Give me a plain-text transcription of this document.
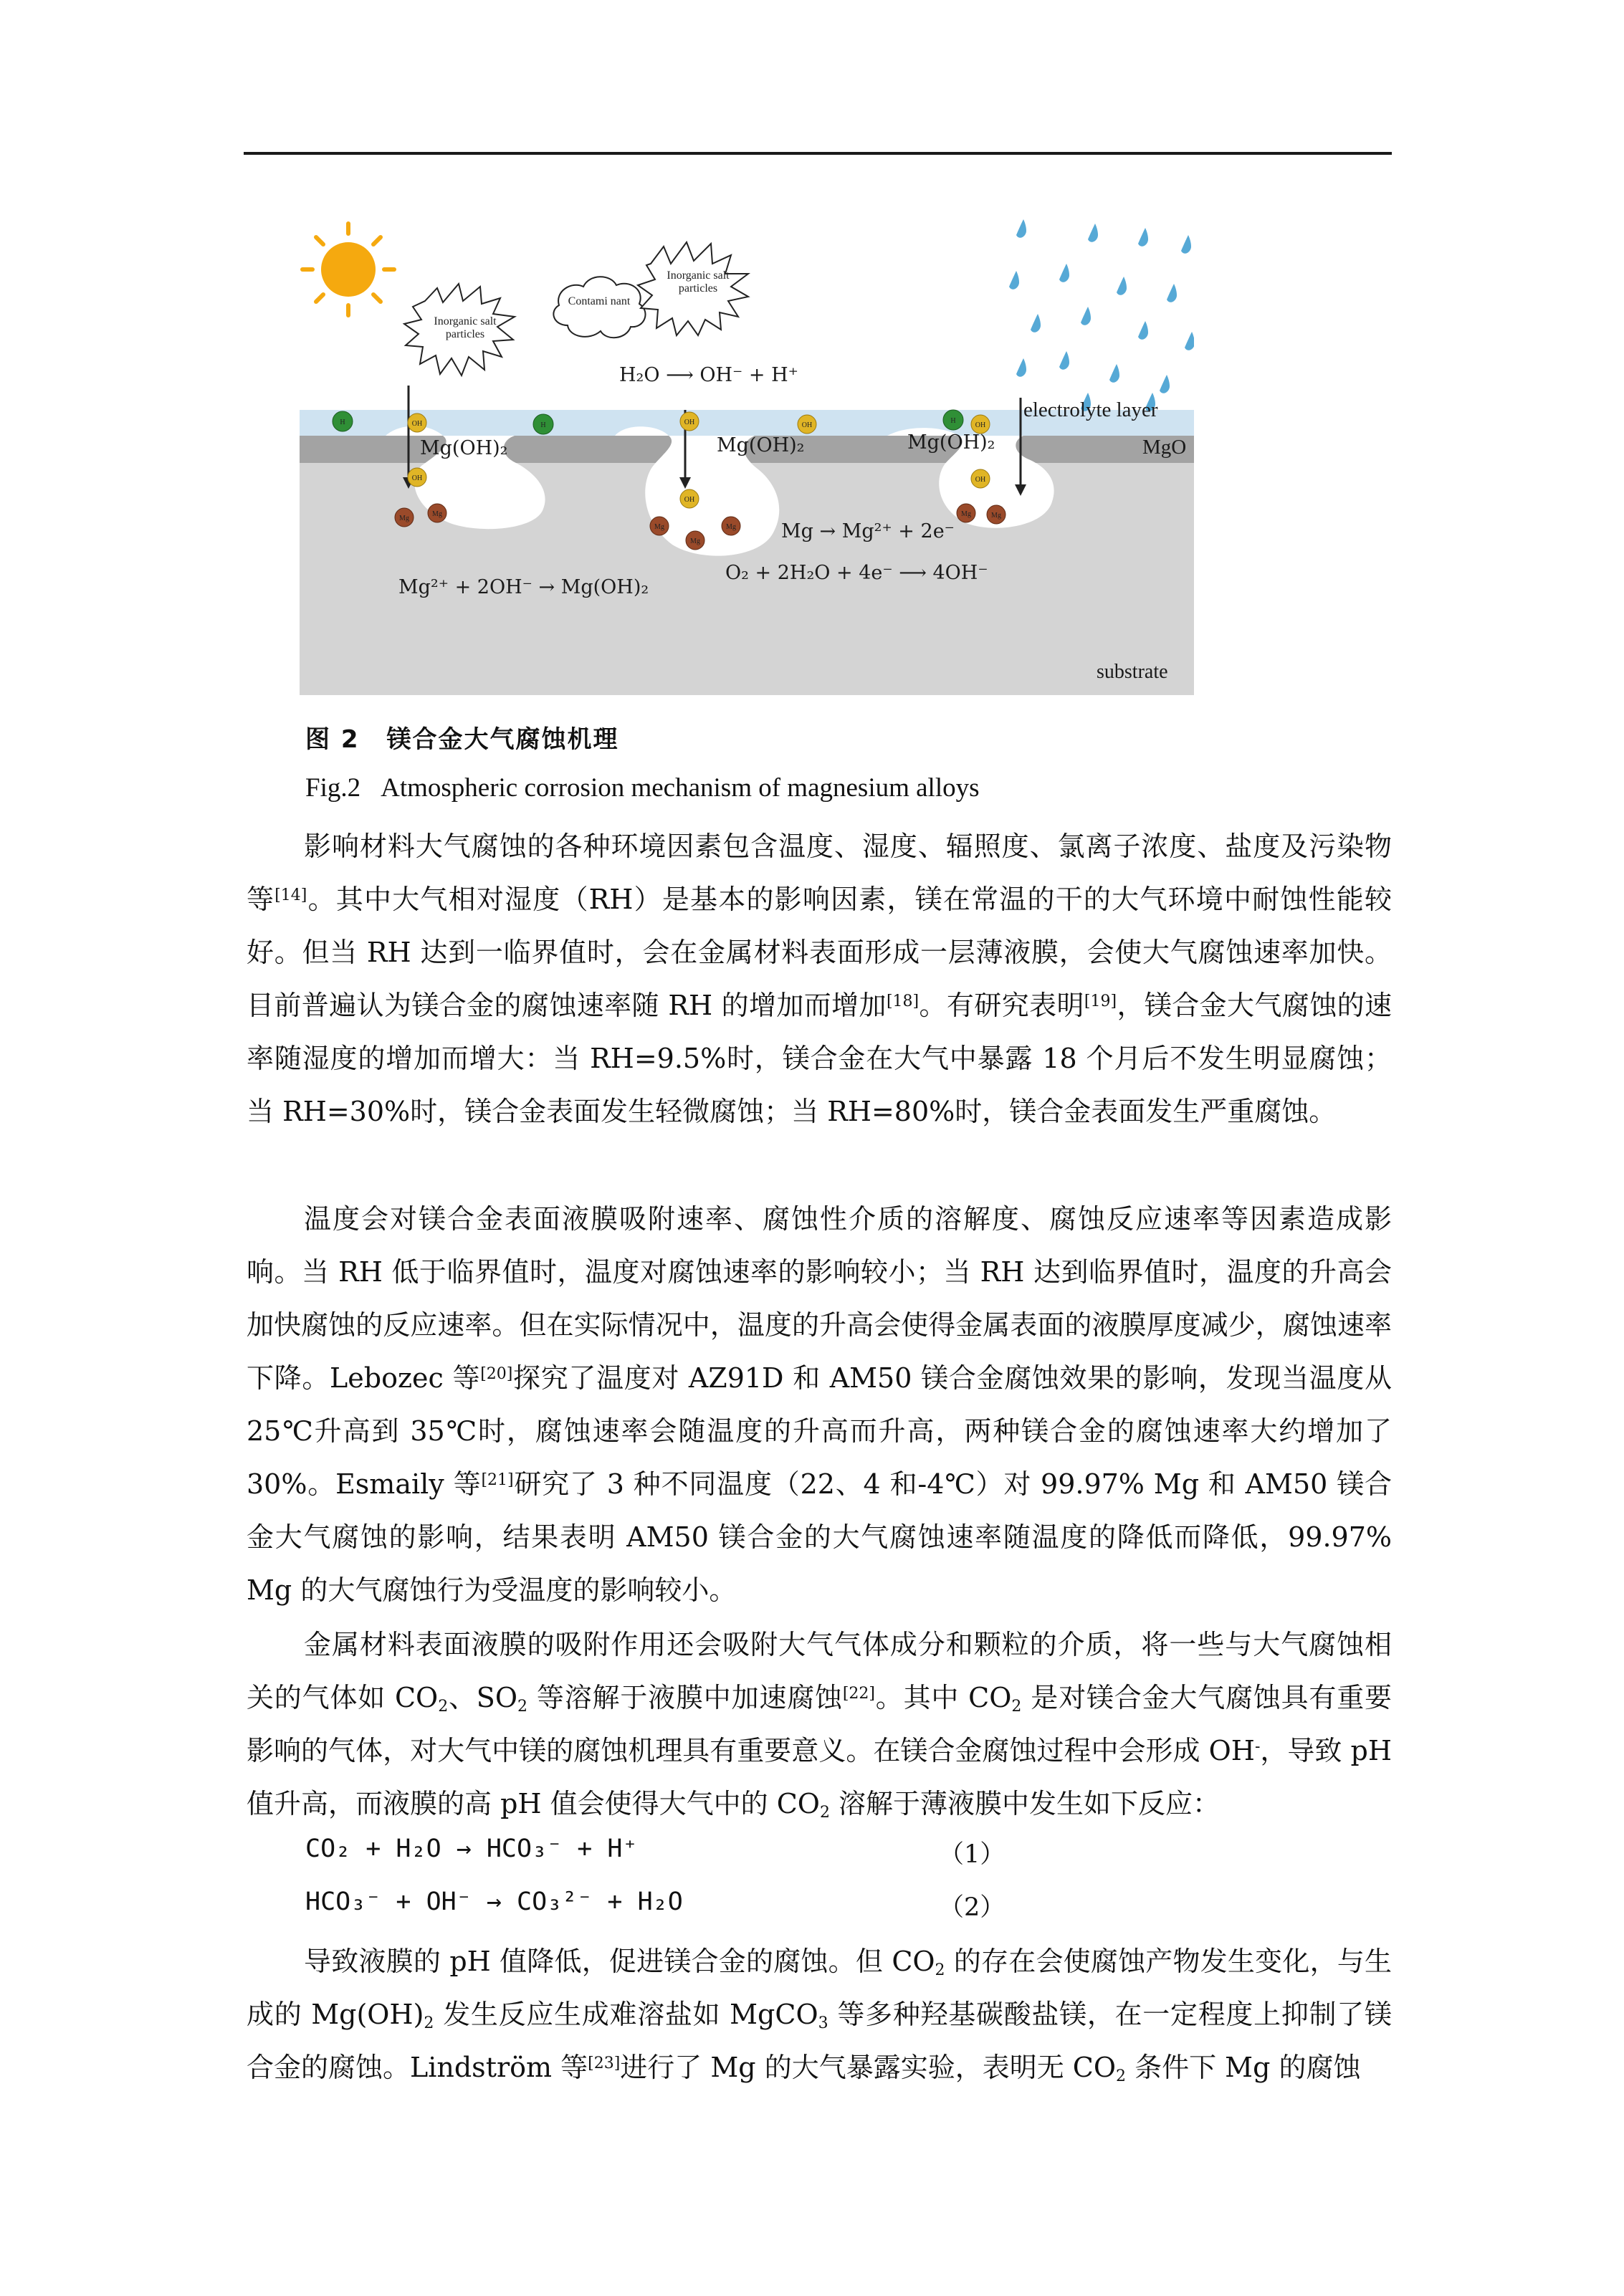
H	H
H
OH
OH
OH
OH
OH	OH
OH
Mg
Mg
Mg
Mg
Mg
Mg	Mg
Inorganic salt particles
Contami nant
Inorganic salt particles
H₂O ⟶ OH⁻ + H⁺
electrolyte layer
MgO
Mg(OH)₂	Mg(OH)₂	Mg(OH)₂
Mg → Mg²⁺ + 2e⁻
O₂ + 2H₂O + 4e⁻ ⟶ 4OH⁻
Mg²⁺ + 2OH⁻ → Mg(OH)₂
substrate
图 2 镁合金大气腐蚀机理
Fig.2 Atmospheric corrosion mechanism of magnesium alloys

影响材料大气腐蚀的各种环境因素包含温度、湿度、辐照度、氯离子浓度、盐度及污染物等[14]。其中大气相对湿度（RH）是基本的影响因素，镁在常温的干的大气环境中耐蚀性能较好。但当 RH 达到一临界值时，会在金属材料表面形成一层薄液膜，会使大气腐蚀速率加快。目前普遍认为镁合金的腐蚀速率随 RH 的增加而增加[18]。有研究表明[19]，镁合金大气腐蚀的速率随湿度的增加而增大：当 RH=9.5%时，镁合金在大气中暴露 18 个月后不发生明显腐蚀；当 RH=30%时，镁合金表面发生轻微腐蚀；当 RH=80%时，镁合金表面发生严重腐蚀。

温度会对镁合金表面液膜吸附速率、腐蚀性介质的溶解度、腐蚀反应速率等因素造成影响。当 RH 低于临界值时，温度对腐蚀速率的影响较小；当 RH 达到临界值时，温度的升高会加快腐蚀的反应速率。但在实际情况中，温度的升高会使得金属表面的液膜厚度减少，腐蚀速率下降。Lebozec 等[20]探究了温度对 AZ91D 和 AM50 镁合金腐蚀效果的影响，发现当温度从 25℃升高到 35℃时，腐蚀速率会随温度的升高而升高，两种镁合金的腐蚀速率大约增加了 30%。Esmaily 等[21]研究了 3 种不同温度（22、4 和-4℃）对 99.97% Mg 和 AM50 镁合金大气腐蚀的影响，结果表明 AM50 镁合金的大气腐蚀速率随温度的降低而降低，99.97% Mg 的大气腐蚀行为受温度的影响较小。

金属材料表面液膜的吸附作用还会吸附大气气体成分和颗粒的介质，将一些与大气腐蚀相关的气体如 $CO_2$、$SO_2$ 等溶解于液膜中加速腐蚀[22]。其中 $CO_2$ 是对镁合金大气腐蚀具有重要影响的气体，对大气中镁的腐蚀机理具有重要意义。在镁合金腐蚀过程中会形成 OH-，导致 pH 值升高，而液膜的高 pH 值会使得大气中的 $CO_2$ 溶解于薄液膜中发生如下反应：

CO₂ + H₂O → HCO₃⁻ + H⁺	（1）
HCO₃⁻ + OH⁻ → CO₃²⁻ + H₂O	（2）

导致液膜的 pH 值降低，促进镁合金的腐蚀。但 $CO_2$ 的存在会使腐蚀产物发生变化，与生成的 $Mg(OH)_2$ 发生反应生成难溶盐如 MgCO$_3$ 等多种羟基碳酸盐镁，在一定程度上抑制了镁合金的腐蚀。Lindström 等[23]进行了 Mg 的大气暴露实验，表明无 $CO_2$ 条件下 Mg 的腐蚀
